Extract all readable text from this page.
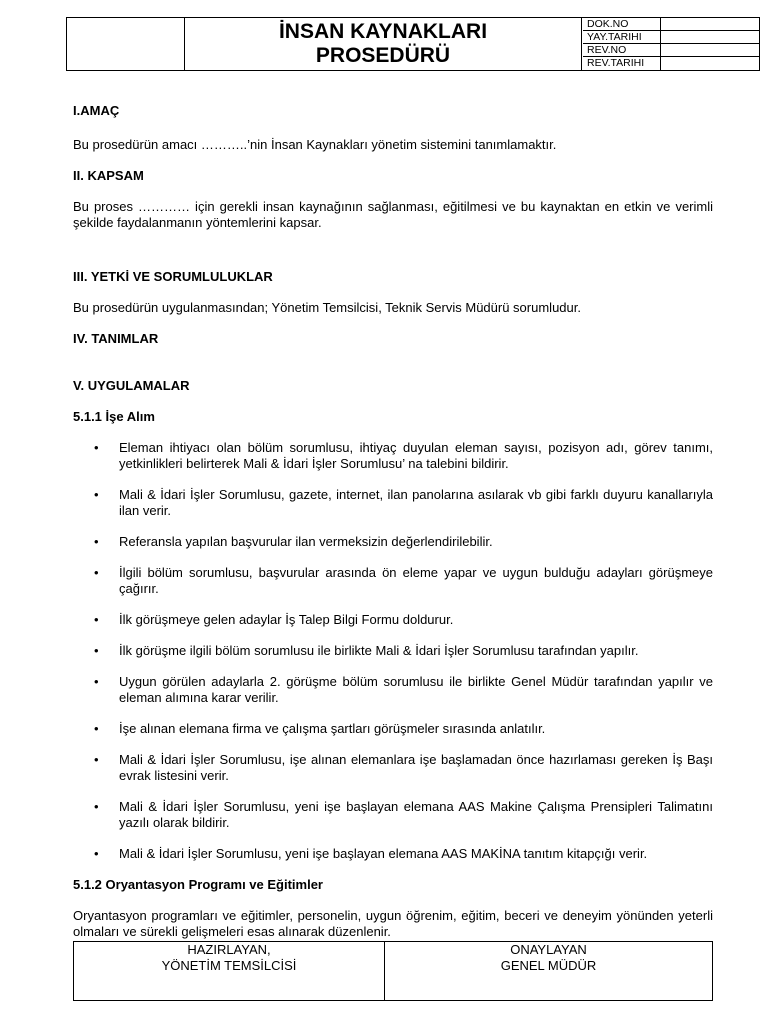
İNSAN KAYNAKLARI
PROSEDÜRÜ
DOK.NO
YAY.TARIHI
REV.NO
REV.TARIHI

I.AMAÇ

Bu prosedürün amacı ………..’nin İnsan Kaynakları yönetim sistemini tanımlamaktır.

II. KAPSAM

Bu proses ………… için gerekli insan kaynağının sağlanması, eğitilmesi ve bu kaynaktan en etkin ve verimli şekilde faydalanmanın yöntemlerini kapsar.

III. YETKİ VE SORUMLULUKLAR

Bu prosedürün uygulanmasından; Yönetim Temsilcisi, Teknik Servis Müdürü sorumludur.

IV. TANIMLAR

V. UYGULAMALAR

5.1.1 İşe Alım

• Eleman ihtiyacı olan bölüm sorumlusu, ihtiyaç duyulan eleman sayısı, pozisyon adı, görev tanımı, yetkinlikleri belirterek Mali & İdari İşler Sorumlusu’ na talebini bildirir.
• Mali & İdari İşler Sorumlusu, gazete, internet, ilan panolarına asılarak vb gibi farklı duyuru kanallarıyla ilan verir.
• Referansla yapılan başvurular ilan vermeksizin değerlendirilebilir.
• İlgili bölüm sorumlusu, başvurular arasında ön eleme yapar ve uygun bulduğu adayları görüşmeye çağırır.
• İlk görüşmeye gelen adaylar İş Talep Bilgi Formu doldurur.
• İlk görüşme ilgili bölüm sorumlusu ile birlikte Mali & İdari İşler Sorumlusu tarafından yapılır.
• Uygun görülen adaylarla 2. görüşme bölüm sorumlusu ile birlikte Genel Müdür tarafından yapılır ve eleman alımına karar verilir.
• İşe alınan elemana firma ve çalışma şartları görüşmeler sırasında anlatılır.
• Mali & İdari İşler Sorumlusu, işe alınan elemanlara işe başlamadan önce hazırlaması gereken İş Başı evrak listesini verir.
• Mali & İdari İşler Sorumlusu, yeni işe başlayan elemana AAS Makine Çalışma Prensipleri Talimatını yazılı olarak bildirir.
• Mali & İdari İşler Sorumlusu, yeni işe başlayan elemana AAS MAKİNA tanıtım kitapçığı verir.

5.1.2 Oryantasyon Programı ve Eğitimler

Oryantasyon programları ve eğitimler, personelin, uygun öğrenim, eğitim, beceri ve deneyim yönünden yeterli olmaları ve sürekli gelişmeleri esas alınarak düzenlenir.

HAZIRLAYAN,
YÖNETİM TEMSİLCİSİ
ONAYLAYAN
GENEL MÜDÜR
